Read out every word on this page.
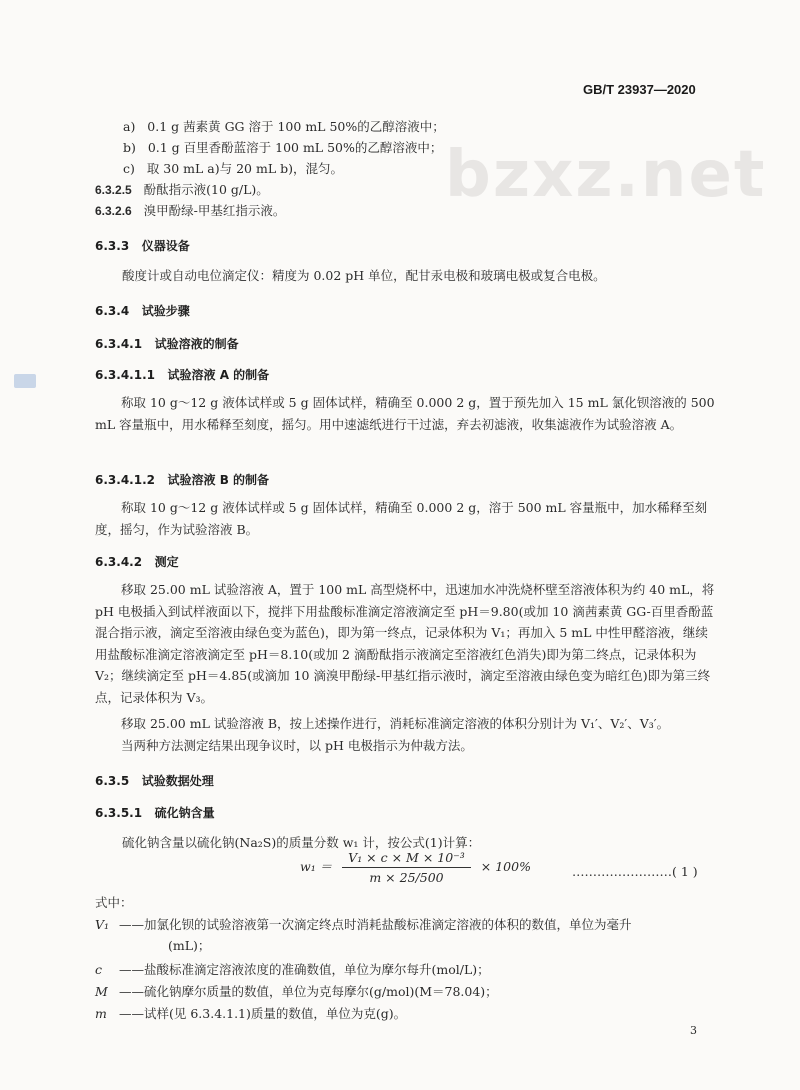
bzxz.net
GB/T 23937—2020
a) 0.1 g 茜素黄 GG 溶于 100 mL 50%的乙醇溶液中；
b) 0.1 g 百里香酚蓝溶于 100 mL 50%的乙醇溶液中；
c) 取 30 mL a)与 20 mL b)，混匀。
6.3.2.5 酚酞指示液(10 g/L)。
6.3.2.6 溴甲酚绿-甲基红指示液。
6.3.3 仪器设备
酸度计或自动电位滴定仪：精度为 0.02 pH 单位，配甘汞电极和玻璃电极或复合电极。
6.3.4 试验步骤
6.3.4.1 试验溶液的制备
6.3.4.1.1 试验溶液 A 的制备
称取 10 g～12 g 液体试样或 5 g 固体试样，精确至 0.000 2 g，置于预先加入 15 mL 氯化钡溶液的 500 mL 容量瓶中，用水稀释至刻度，摇匀。用中速滤纸进行干过滤，弃去初滤液，收集滤液作为试验溶液 A。
6.3.4.1.2 试验溶液 B 的制备
称取 10 g～12 g 液体试样或 5 g 固体试样，精确至 0.000 2 g，溶于 500 mL 容量瓶中，加水稀释至刻度，摇匀，作为试验溶液 B。
6.3.4.2 测定
移取 25.00 mL 试验溶液 A，置于 100 mL 高型烧杯中，迅速加水冲洗烧杯壁至溶液体积为约 40 mL，将 pH 电极插入到试样液面以下，搅拌下用盐酸标准滴定溶液滴定至 pH＝9.80(或加 10 滴茜素黄 GG-百里香酚蓝混合指示液，滴定至溶液由绿色变为蓝色)，即为第一终点，记录体积为 V₁；再加入 5 mL 中性甲醛溶液，继续用盐酸标准滴定溶液滴定至 pH＝8.10(或加 2 滴酚酞指示液滴定至溶液红色消失)即为第二终点，记录体积为 V₂；继续滴定至 pH＝4.85(或滴加 10 滴溴甲酚绿-甲基红指示液时，滴定至溶液由绿色变为暗红色)即为第三终点，记录体积为 V₃。
移取 25.00 mL 试验溶液 B，按上述操作进行，消耗标准滴定溶液的体积分别计为 V₁′、V₂′、V₃′。
当两种方法测定结果出现争议时，以 pH 电极指示为仲裁方法。
6.3.5 试验数据处理
6.3.5.1 硫化钠含量
硫化钠含量以硫化钠(Na₂S)的质量分数 w₁ 计，按公式(1)计算：
$w_1 = \frac{\text{V₁ × c × M × 10⁻³}}{m \times 25/500} \times 100\%$	……………………( 1 )
式中：
V₁ ——加氯化钡的试验溶液第一次滴定终点时消耗盐酸标准滴定溶液的体积的数值，单位为毫升
(mL)；
c ——盐酸标准滴定溶液浓度的准确数值，单位为摩尔每升(mol/L)；
M ——硫化钠摩尔质量的数值，单位为克每摩尔(g/mol)(M＝78.04)；
m ——试样(见 6.3.4.1.1)质量的数值，单位为克(g)。
3
